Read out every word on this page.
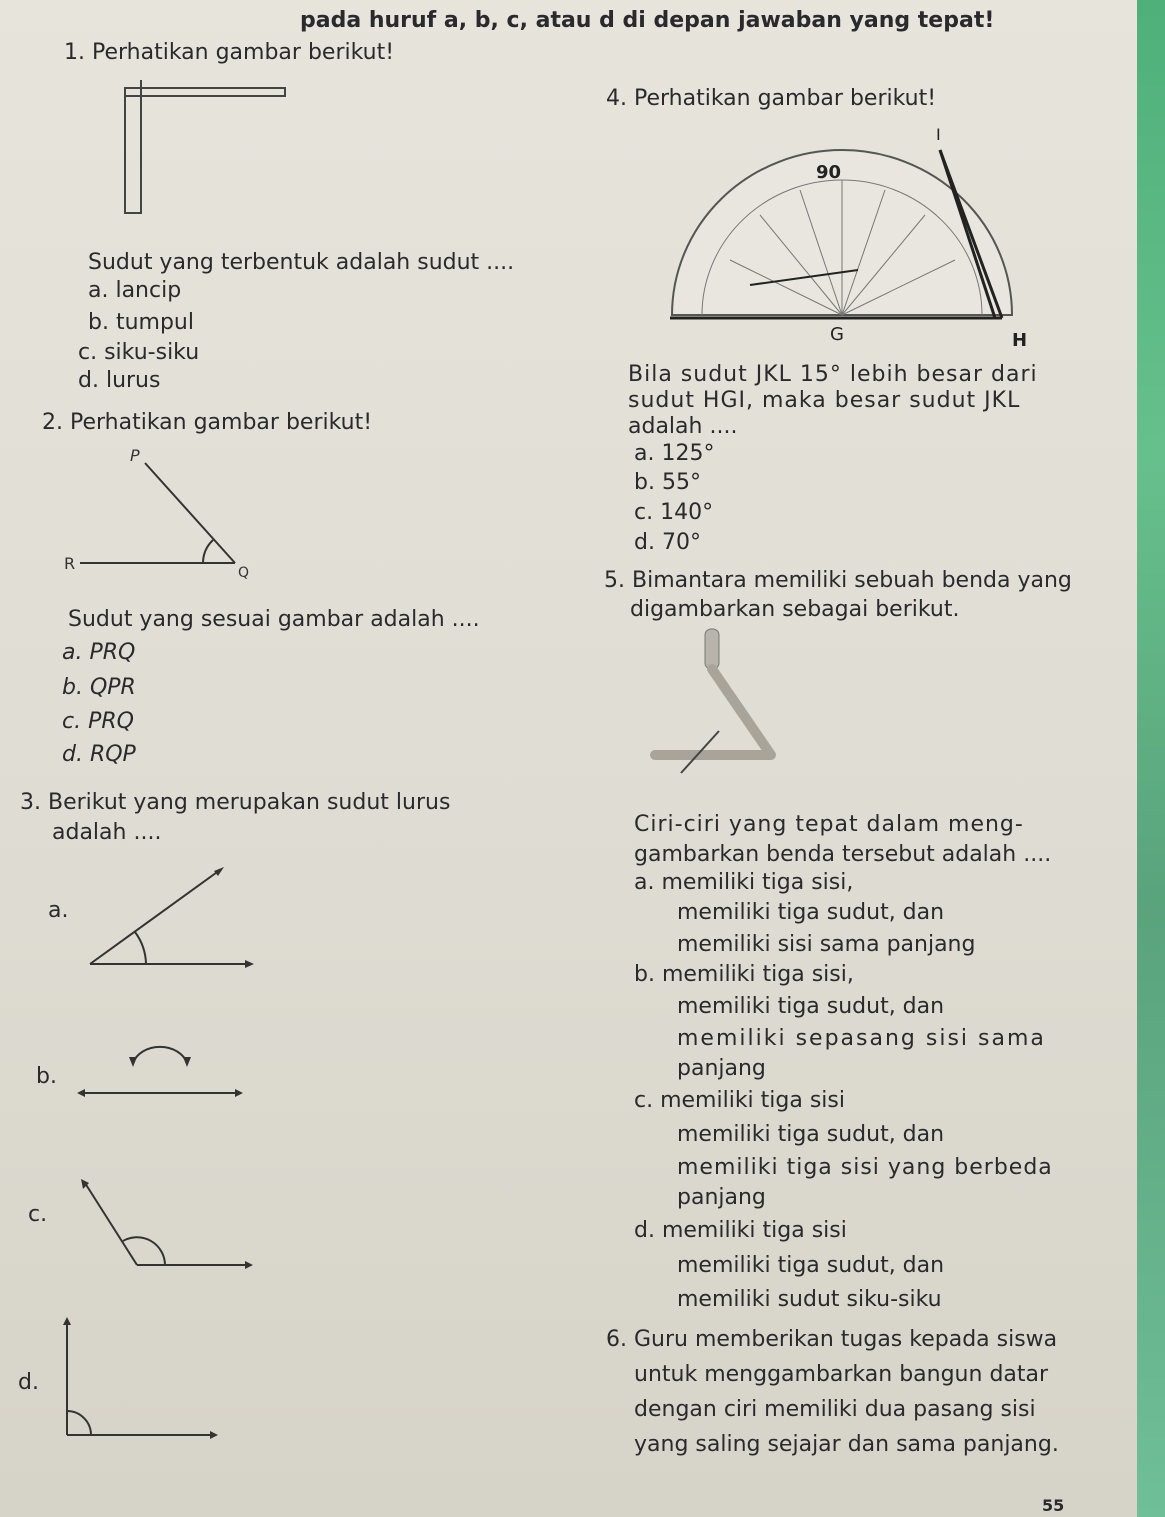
pada huruf a, b, c, atau d di depan jawaban yang tepat!
1. Perhatikan gambar berikut!
Sudut yang terbentuk adalah sudut ....
a. lancip
b. tumpul
c. siku-siku
d. lurus
2. Perhatikan gambar berikut!
P
R	Q
Sudut yang sesuai gambar adalah ....
a. PRQ
b. QPR
c. PRQ
d. RQP
3. Berikut yang merupakan sudut lurus
adalah ....
a.
b.
c.
d.
4. Perhatikan gambar berikut!
I
G	H
90
Bila sudut JKL 15° lebih besar dari
sudut HGI, maka besar sudut JKL
adalah ....
a. 125°
b. 55°
c. 140°
d. 70°
5. Bimantara memiliki sebuah benda yang
digambarkan sebagai berikut.
Ciri-ciri yang tepat dalam meng-
gambarkan benda tersebut adalah ....
a. memiliki tiga sisi,
memiliki tiga sudut, dan
memiliki sisi sama panjang
b. memiliki tiga sisi,
memiliki tiga sudut, dan
memiliki sepasang sisi sama
panjang
c. memiliki tiga sisi
memiliki tiga sudut, dan
memiliki tiga sisi yang berbeda
panjang
d. memiliki tiga sisi
memiliki tiga sudut, dan
memiliki sudut siku-siku
6. Guru memberikan tugas kepada siswa
untuk menggambarkan bangun datar
dengan ciri memiliki dua pasang sisi
yang saling sejajar dan sama panjang.
55
